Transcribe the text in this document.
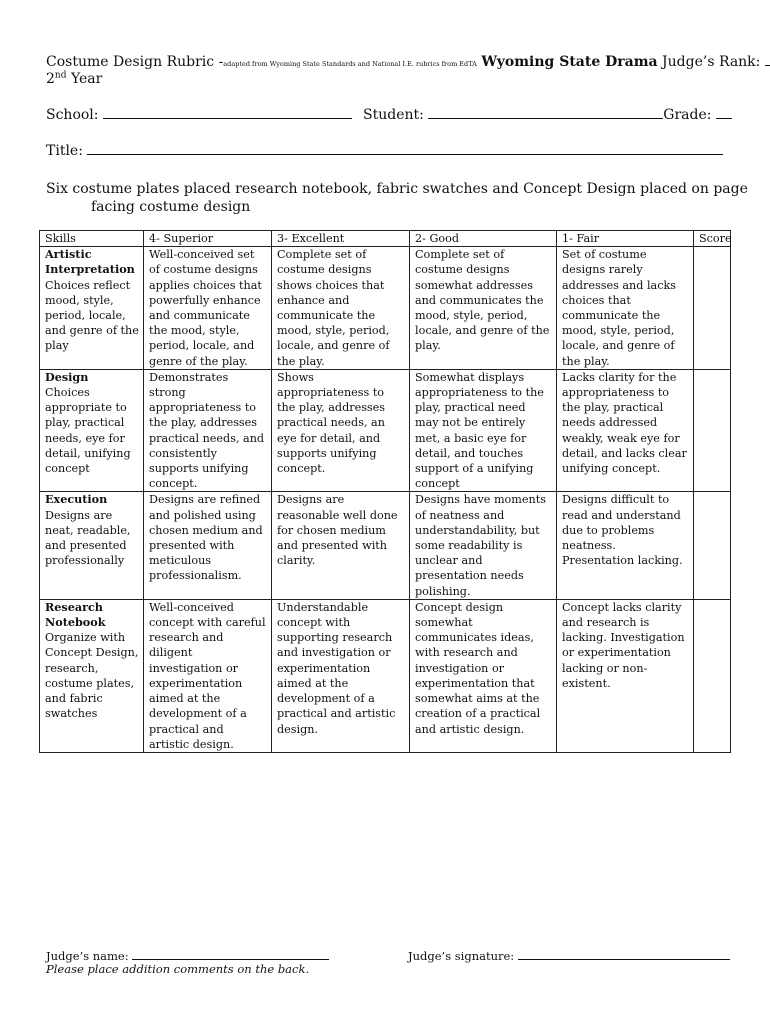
Costume Design Rubric -adapted from Wyoming State Standards and National I.E. rubrics from EdTA Wyoming State Drama Judge’s Rank:
2nd Year
School:	Student:	Grade:
Title:
Six costume plates placed research notebook, fabric swatches and Concept Design placed on page
facing costume design
Skills	4- Superior	3- Excellent	2- Good	1- Fair	Score

Artistic Interpretation
Choices reflect mood, style, period, locale, and genre of the play	Well-conceived set of costume designs applies choices that powerfully enhance and communicate the mood, style, period, locale, and genre of the play.	Complete set of costume designs shows choices that enhance and communicate the mood, style, period, locale, and genre of the play.	Complete set of costume designs somewhat addresses and communicates the mood, style, period, locale, and genre of the play.	Set of costume designs rarely addresses and lacks choices that communicate the mood, style, period, locale, and genre of the play.	

Design
Choices appropriate to play, practical needs, eye for detail, unifying concept	Demonstrates strong appropriateness to the play, addresses practical needs, and consistently supports unifying concept.	Shows appropriateness to the play, addresses practical needs, an eye for detail, and supports unifying concept.	Somewhat displays appropriateness to the play, practical need may not be entirely met, a basic eye for detail, and touches support of a unifying concept	Lacks clarity for the appropriateness to the play, practical needs addressed weakly, weak eye for detail, and lacks clear unifying concept.	

Execution
Designs are neat, readable, and presented professionally	Designs are refined and polished using chosen medium and presented with meticulous professionalism.	Designs are reasonable well done for chosen medium and presented with clarity.	Designs have moments of neatness and understandability, but some readability is unclear and presentation needs polishing.	Designs difficult to read and understand due to problems neatness. Presentation lacking.	

Research Notebook
Organize with Concept Design, research, costume plates, and fabric swatches	Well-conceived concept with careful research and diligent investigation or experimentation aimed at the development of a practical and artistic design.	Understandable concept with supporting research and investigation or experimentation aimed at the development of a practical and artistic design.	Concept design somewhat communicates ideas, with research and investigation or experimentation that somewhat aims at the creation of a practical and artistic design.	Concept lacks clarity and research is lacking. Investigation or experimentation lacking or non-existent.	
Judge’s name:	Judge’s signature:
Please place addition comments on the back.
